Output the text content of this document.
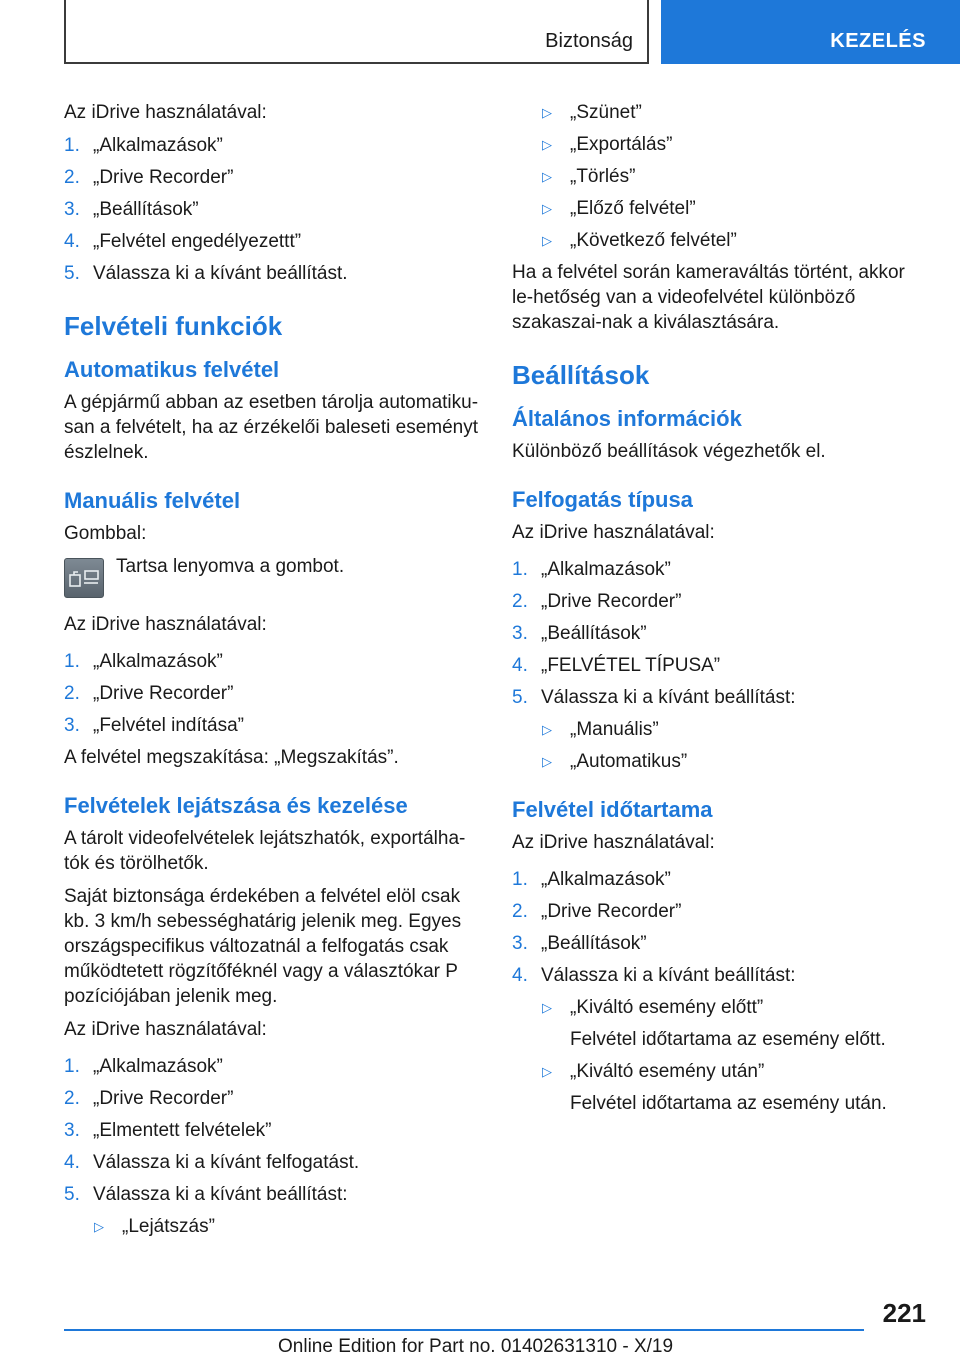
Biztonság	KEZELÉS

Az iDrive használatával:

1. „Alkalmazások”
2. „Drive Recorder”
3. „Beállítások”
4. „Felvétel engedélyezettt”
5. Válassza ki a kívánt beállítást.
Felvételi funkciók
Automatikus felvétel

A gépjármű abban az esetben tárolja automatiku-san a felvételt, ha az érzékelői baleseti eseményt észlelnek.

Manuális felvétel

Gombbal:

Tartsa lenyomva a gombot.

Az iDrive használatával:

1. „Alkalmazások”
2. „Drive Recorder”
3. „Felvétel indítása”

A felvétel megszakítása: „Megszakítás”.

Felvételek lejátszása és kezelése

A tárolt videofelvételek lejátszhatók, exportálha-tók és törölhetők.

Saját biztonsága érdekében a felvétel elöl csak kb. 3 km/h sebességhatárig jelenik meg. Egyes országspecifikus változatnál a felfogatás csak működtetett rögzítőféknél vagy a választókar P pozíciójában jelenik meg.

Az iDrive használatával:

1. „Alkalmazások”
2. „Drive Recorder”
3. „Elmentett felvételek”
4. Válassza ki a kívánt felfogatást.
5. Válassza ki a kívánt beállítást:
▷ „Lejátszás”
▷ „Szünet”
▷ „Exportálás”
▷ „Törlés”
▷ „Előző felvétel”
▷ „Következő felvétel”

Ha a felvétel során kameraváltás történt, akkor le-hetőség van a videofelvétel különböző szakaszai-nak a kiválasztására.

Beállítások
Általános információk

Különböző beállítások végezhetők el.

Felfogatás típusa

Az iDrive használatával:

1. „Alkalmazások”
2. „Drive Recorder”
3. „Beállítások”
4. „FELVÉTEL TÍPUSA”
5. Válassza ki a kívánt beállítást:
▷ „Manuális”
▷ „Automatikus”
Felvétel időtartama

Az iDrive használatával:

1. „Alkalmazások”
2. „Drive Recorder”
3. „Beállítások”
4. Válassza ki a kívánt beállítást:
▷ „Kiváltó esemény előtt”
Felvétel időtartama az esemény előtt.
▷ „Kiváltó esemény után”
Felvétel időtartama az esemény után.
221
Online Edition for Part no. 01402631310 - X/19
